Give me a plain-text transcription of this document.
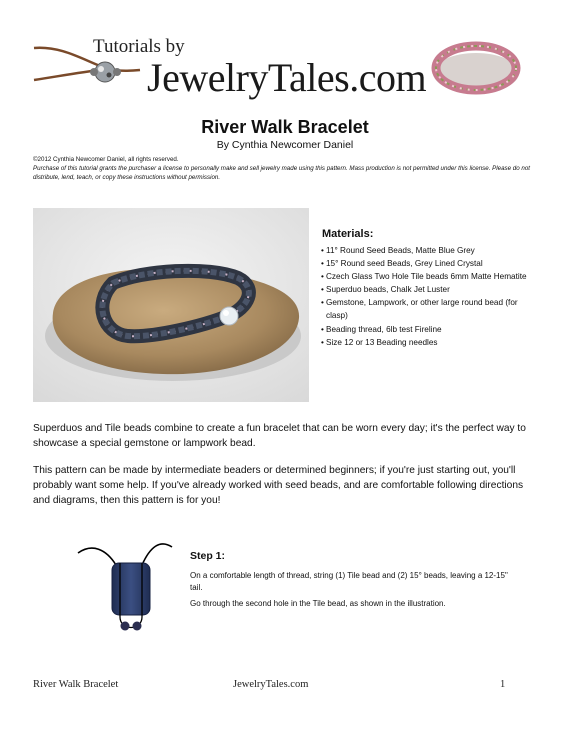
Tutorials by
JewelryTales.com
River Walk Bracelet
By Cynthia Newcomer Daniel
©2012 Cynthia Newcomer Daniel, all rights reserved.
Purchase of this tutorial grants the purchaser a license to personally make and sell jewelry made using this pattern. Mass production is not permitted under this license. Please do not distribute, lend, teach, or copy these instructions without permission.
Materials:
• 11° Round Seed Beads, Matte Blue Grey
• 15° Round seed Beads, Grey Lined Crystal
• Czech Glass Two Hole Tile beads 6mm Matte Hematite
• Superduo beads, Chalk Jet Luster
• Gemstone, Lampwork, or other large round bead (for clasp)
• Beading thread, 6lb test Fireline
• Size 12 or 13 Beading needles
Superduos and Tile beads combine to create a fun bracelet that can be worn every day; it's the perfect way to showcase a special gemstone or lampwork bead.
This pattern can be made by intermediate beaders or determined beginners; if you're just starting out, you'll probably want some help. If you've already worked with seed beads, and are comfortable following directions and diagrams, then this pattern is for you!
Step 1:
On a comfortable length of thread, string (1) Tile bead and (2) 15° beads, leaving a 12-15" tail.
Go through the second hole in the Tile bead, as shown in the illustration.
River Walk Bracelet	JewelryTales.com	1
